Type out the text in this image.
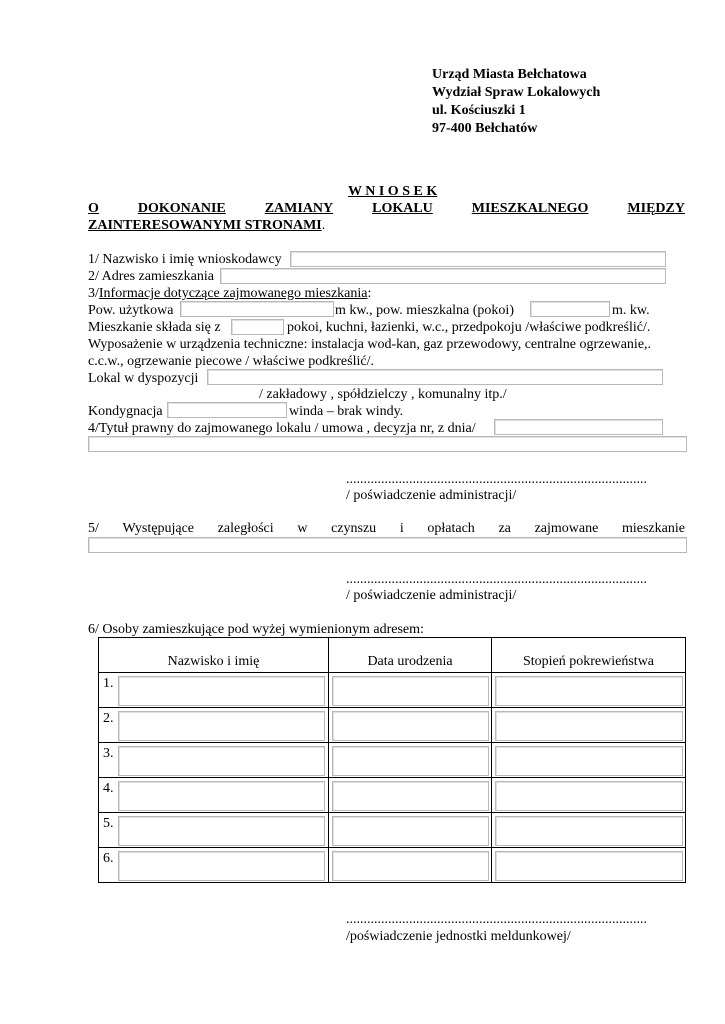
Urząd Miasta Bełchatowa
Wydział Spraw Lokalowych
ul. Kościuszki 1
97-400 Bełchatów
W N I O S E K
O	DOKONANIE	ZAMIANY	LOKALU	MIESZKALNEGO	MIĘDZY
ZAINTERESOWANYMI STRONAMI.
1/ Nazwisko i imię wnioskodawcy
2/ Adres zamieszkania
3/Informacje dotyczące zajmowanego mieszkania:
Pow. użytkowa	m kw., pow. mieszkalna (pokoi)	m. kw.
Mieszkanie składa się z	pokoi, kuchni, łazienki, w.c., przedpokoju /właściwe podkreślić/.
Wyposażenie w urządzenia techniczne: instalacja wod-kan, gaz przewodowy, centralne ogrzewanie,.
c.c.w., ogrzewanie piecowe / właściwe podkreślić/.
Lokal w dyspozycji
/ zakładowy , spółdzielczy , komunalny itp./
Kondygnacja	winda – brak windy.
4/Tytuł prawny do zajmowanego lokalu / umowa , decyzja nr, z dnia/
......................................................................................
/ poświadczenie administracji/
5/ Występujące zaległości w czynszu i opłatach za zajmowane mieszkanie
......................................................................................
/ poświadczenie administracji/
6/ Osoby zamieszkujące pod wyżej wymienionym adresem:
Nazwisko i imię	Data urodzenia	Stopień pokrewieństwa

1.		

2.		

3.		

4.		

5.		

6.		

......................................................................................
/poświadczenie jednostki meldunkowej/
